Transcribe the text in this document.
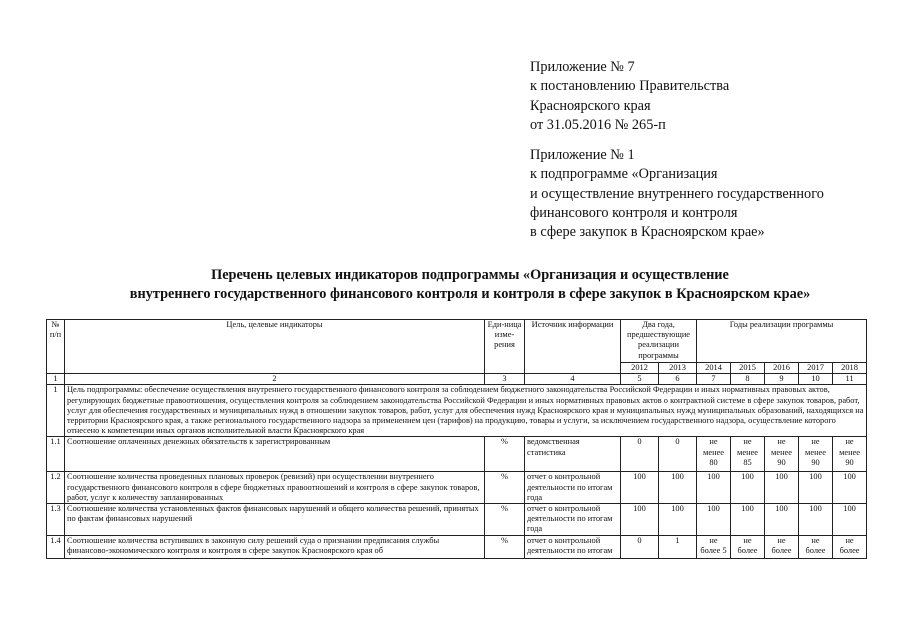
Приложение № 7
к постановлению Правительства
Красноярского края
от 31.05.2016 № 265-п
Приложение № 1
к подпрограмме «Организация
и осуществление внутреннего государственного
финансового контроля и контроля
в сфере закупок в Красноярском крае»
Перечень целевых индикаторов подпрограммы «Организация и осуществление
внутреннего государственного финансового контроля и контроля в сфере закупок в Красноярском крае»
№ п/п	Цель, целевые индикаторы	Еди-ница изме-рения	Источник информации	Два года, предшествующие реализации программы		Годы реализации программы				
				2012	2013	2014	2015	2016	2017	2018
1	2	3	4	5	6	7	8	9	10	11
1	Цель подпрограммы: обеспечение осуществления внутреннего государственного финансового контроля за соблюдением бюджетного законодательства Российской Федерации и иных нормативных правовых актов, регулирующих бюджетные правоотношения, осуществления контроля за соблюдением законодательства Российской Федерации и иных нормативных правовых актов о контрактной системе в сфере закупок товаров, работ, услуг для обеспечения государственных и муниципальных нужд в отношении закупок товаров, работ, услуг для обеспечения нужд Красноярского края и муниципальных нужд муниципальных образований, находящихся на территории Красноярского края, а также регионального государственного надзора за применением цен (тарифов) на продукцию, товары и услуги, за исключением государственного надзора, осуществление которого отнесено к компетенции иных органов исполнительной власти Красноярского края									
1.1	Соотношение оплаченных денежных обязательств к зарегистрированным	%	ведомственная статистика	0	0	не менее 80	не менее 85	не менее 90	не менее 90	не менее 90
1.2	Соотношение количества проведенных плановых проверок (ревизий) при осуществлении внутреннего государственного финансового контроля в сфере бюджетных правоотношений и контроля в сфере закупок товаров, работ, услуг к количеству запланированных	%	отчет о контрольной деятельности по итогам года	100	100	100	100	100	100	100
1.3	Соотношение количества установленных фактов финансовых нарушений и общего количества решений, принятых по фактам финансовых нарушений	%	отчет о контрольной деятельности по итогам года	100	100	100	100	100	100	100
1.4	Соотношение количества вступивших в законную силу решений суда о признании предписания службы финансово-экономического контроля и контроля в сфере закупок Красноярского края об	%	отчет о контрольной деятельности по итогам	0	1	не более 5	не более	не более	не более	не более
